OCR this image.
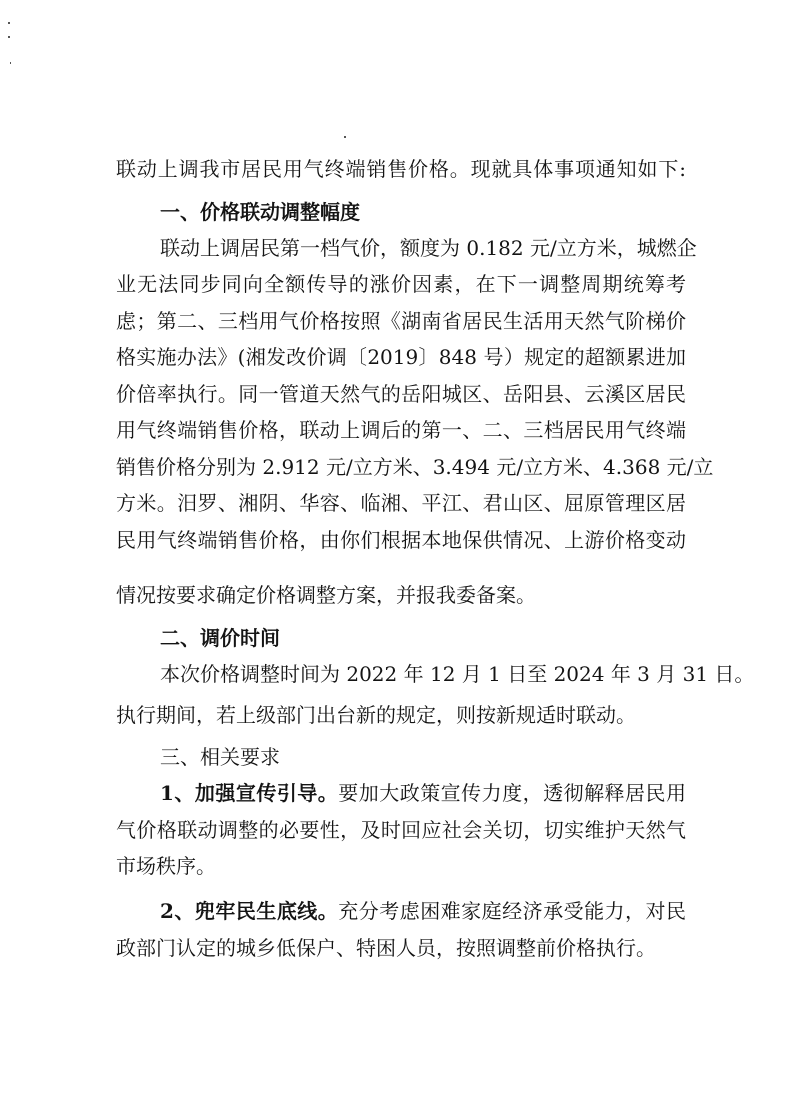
联动上调我市居民用气终端销售价格。现就具体事项通知如下:
一、价格联动调整幅度
联动上调居民第一档气价，额度为 0.182 元/立方米，城燃企
业无法同步同向全额传导的涨价因素，在下一调整周期统筹考
虑；第二、三档用气价格按照《湖南省居民生活用天然气阶梯价
格实施办法》(湘发改价调〔2019〕848 号）规定的超额累进加
价倍率执行。同一管道天然气的岳阳城区、岳阳县、云溪区居民
用气终端销售价格，联动上调后的第一、二、三档居民用气终端
销售价格分别为 2.912 元/立方米、3.494 元/立方米、4.368 元/立
方米。汨罗、湘阴、华容、临湘、平江、君山区、屈原管理区居
民用气终端销售价格，由你们根据本地保供情况、上游价格变动
情况按要求确定价格调整方案，并报我委备案。
二、调价时间
本次价格调整时间为 2022 年 12 月 1 日至 2024 年 3 月 31 日。
执行期间，若上级部门出台新的规定，则按新规适时联动。
三、相关要求
1、加强宣传引导。要加大政策宣传力度，透彻解释居民用
气价格联动调整的必要性，及时回应社会关切，切实维护天然气
市场秩序。
2、兜牢民生底线。充分考虑困难家庭经济承受能力，对民
政部门认定的城乡低保户、特困人员，按照调整前价格执行。
